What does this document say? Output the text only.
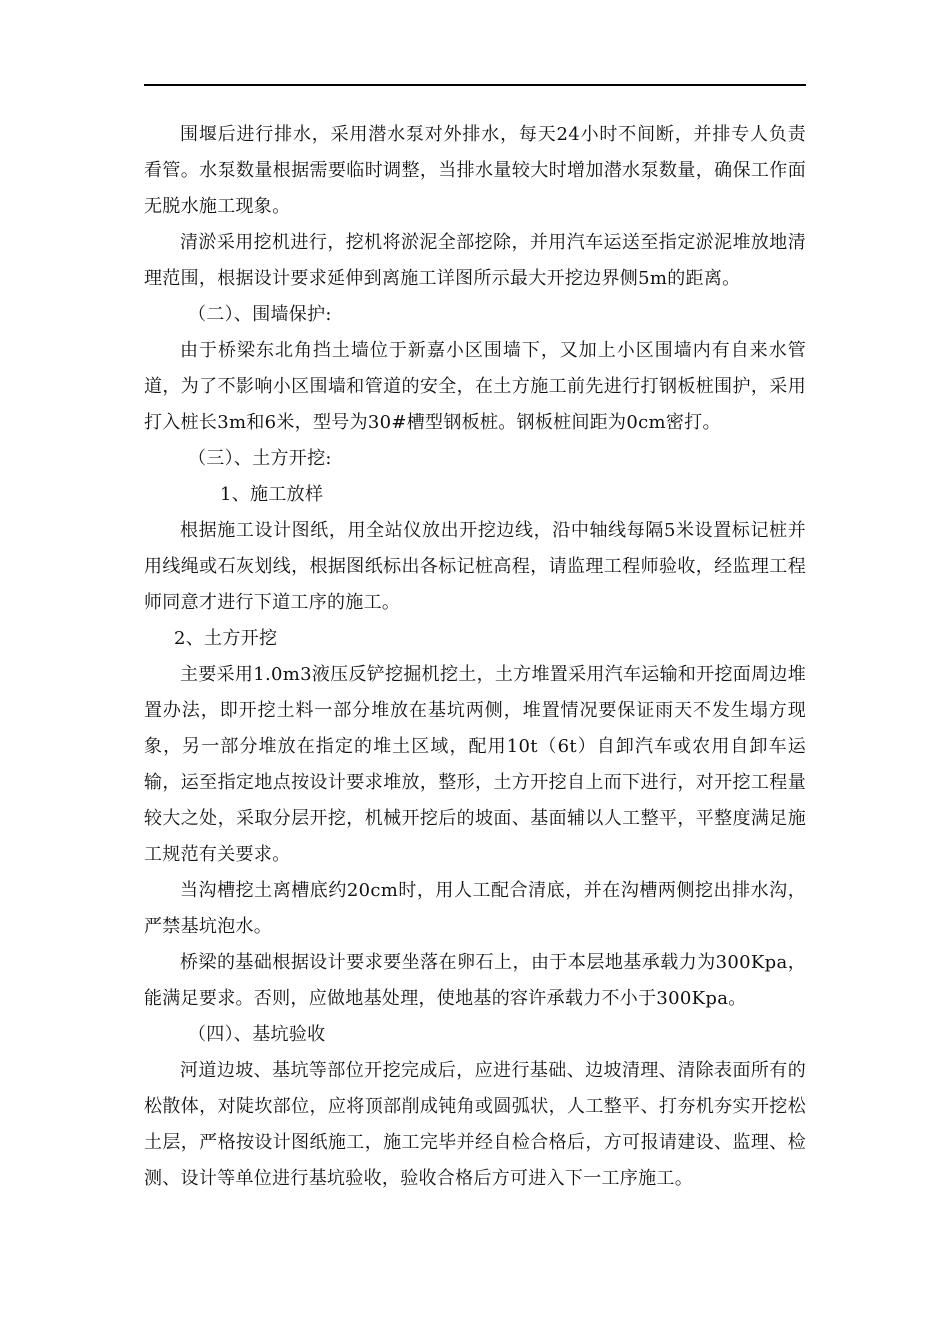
围堰后进行排水，采用潜水泵对外排水，每天24小时不间断，并排专人负责看管。水泵数量根据需要临时调整，当排水量较大时增加潜水泵数量，确保工作面无脱水施工现象。

清淤采用挖机进行，挖机将淤泥全部挖除，并用汽车运送至指定淤泥堆放地清理范围，根据设计要求延伸到离施工详图所示最大开挖边界侧5m的距离。

（二）、围墙保护:

由于桥梁东北角挡土墙位于新嘉小区围墙下，又加上小区围墙内有自来水管道，为了不影响小区围墙和管道的安全，在土方施工前先进行打钢板桩围护，采用打入桩长3m和6米，型号为30#槽型钢板桩。钢板桩间距为0cm密打。

（三）、土方开挖:

1、施工放样

根据施工设计图纸，用全站仪放出开挖边线，沿中轴线每隔5米设置标记桩并用线绳或石灰划线，根据图纸标出各标记桩高程，请监理工程师验收，经监理工程师同意才进行下道工序的施工。

2、土方开挖

主要采用1.0m3液压反铲挖掘机挖土，土方堆置采用汽车运输和开挖面周边堆置办法，即开挖土料一部分堆放在基坑两侧，堆置情况要保证雨天不发生塌方现象，另一部分堆放在指定的堆土区域，配用10t（6t）自卸汽车或农用自卸车运输，运至指定地点按设计要求堆放，整形，土方开挖自上而下进行，对开挖工程量较大之处，采取分层开挖，机械开挖后的坡面、基面辅以人工整平，平整度满足施工规范有关要求。

当沟槽挖土离槽底约20cm时，用人工配合清底，并在沟槽两侧挖出排水沟，严禁基坑泡水。

桥梁的基础根据设计要求要坐落在卵石上，由于本层地基承载力为300Kpa，能满足要求。否则，应做地基处理，使地基的容许承载力不小于300Kpa。

（四）、基坑验收

河道边坡、基坑等部位开挖完成后，应进行基础、边坡清理、清除表面所有的松散体，对陡坎部位，应将顶部削成钝角或圆弧状，人工整平、打夯机夯实开挖松土层，严格按设计图纸施工，施工完毕并经自检合格后，方可报请建设、监理、检测、设计等单位进行基坑验收，验收合格后方可进入下一工序施工。
